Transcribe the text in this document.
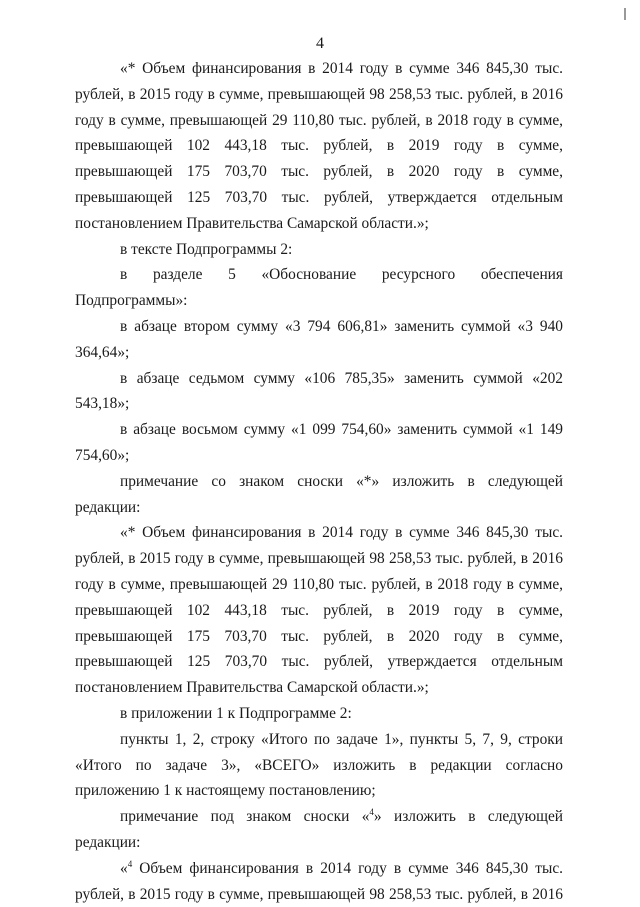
4

«* Объем финансирования в 2014 году в сумме 346 845,30 тыс. рублей, в 2015 году в сумме, превышающей 98 258,53 тыс. рублей, в 2016 году в сумме, превышающей 29 110,80 тыс. рублей, в 2018 году в сумме, превышающей 102 443,18 тыс. рублей, в 2019 году в сумме, превышающей 175 703,70 тыс. рублей, в 2020 году в сумме, превышающей 125 703,70 тыс. рублей, утверждается отдельным постановлением Правительства Самарской области.»;

в тексте Подпрограммы 2:

в разделе 5 «Обоснование ресурсного обеспечения Подпрограммы»:

в абзаце втором сумму «3 794 606,81» заменить суммой «3 940 364,64»;

в абзаце седьмом сумму «106 785,35» заменить суммой «202 543,18»;

в абзаце восьмом сумму «1 099 754,60» заменить суммой «1 149 754,60»;

примечание со знаком сноски «*» изложить в следующей редакции:

«* Объем финансирования в 2014 году в сумме 346 845,30 тыс. рублей, в 2015 году в сумме, превышающей 98 258,53 тыс. рублей, в 2016 году в сумме, превышающей 29 110,80 тыс. рублей, в 2018 году в сумме, превышающей 102 443,18 тыс. рублей, в 2019 году в сумме, превышающей 175 703,70 тыс. рублей, в 2020 году в сумме, превышающей 125 703,70 тыс. рублей, утверждается отдельным постановлением Правительства Самарской области.»;

в приложении 1 к Подпрограмме 2:

пункты 1, 2, строку «Итого по задаче 1», пункты 5, 7, 9, строки «Итого по задаче 3», «ВСЕГО» изложить в редакции согласно приложению 1 к настоящему постановлению;

примечание под знаком сноски «$^4$» изложить в следующей редакции:

«$^4$ Объем финансирования в 2014 году в сумме 346 845,30 тыс. рублей, в 2015 году в сумме, превышающей 98 258,53 тыс. рублей, в 2016
